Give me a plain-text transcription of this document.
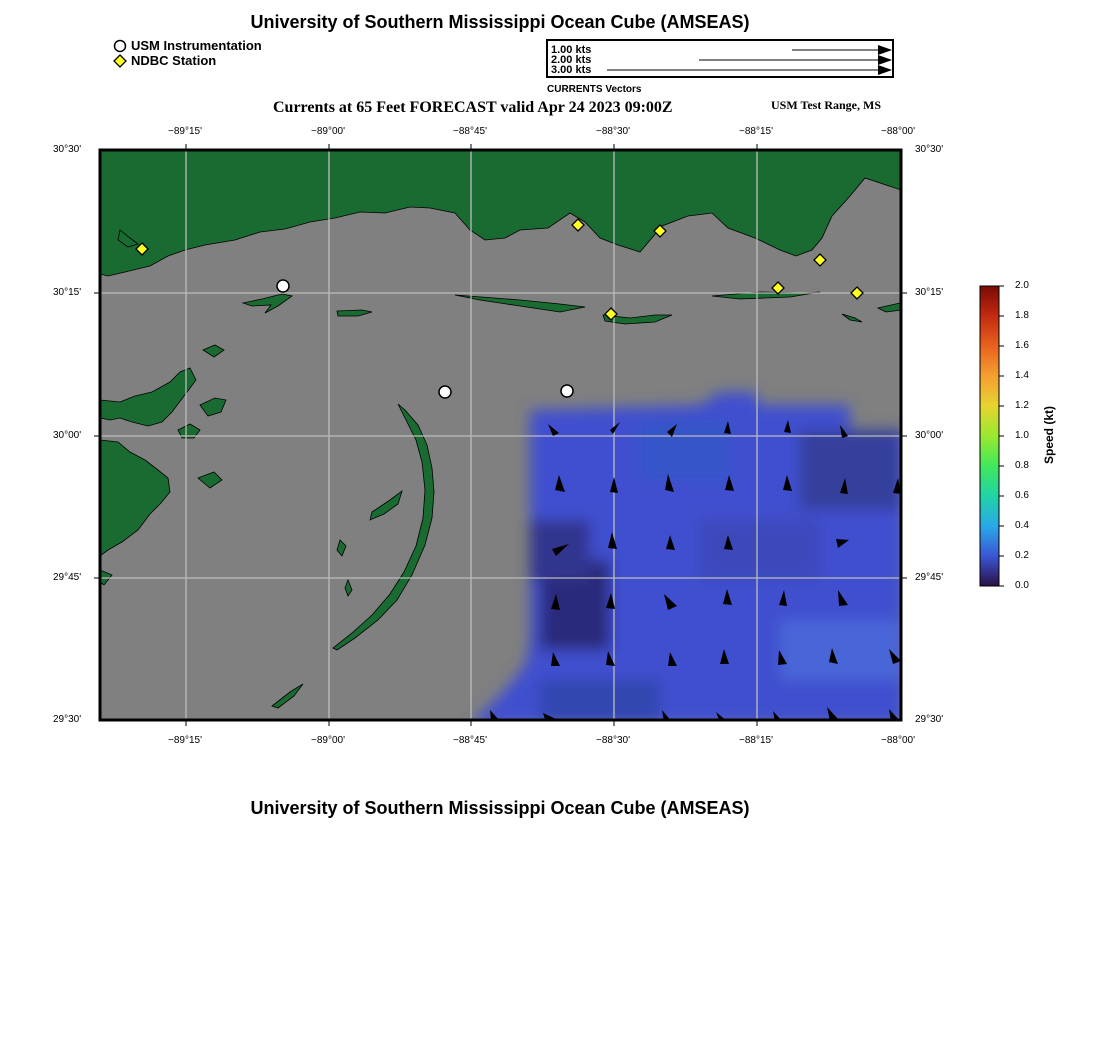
University of Southern Mississippi Ocean Cube (AMSEAS)
USM Instrumentation
NDBC Station
1.00 kts
2.00 kts
3.00 kts
CURRENTS Vectors
Currents at 65 Feet FORECAST valid Apr 24 2023 09:00Z	USM Test Range, MS
−89°15'	−89°00'	−88°45'	−88°30'	−88°15'	−88°00'
−89°15'	−89°00'	−88°45'	−88°30'	−88°15'	−88°00'
30°30'
30°15'
30°00'
29°45'
29°30'
30°30'
30°15'
30°00'
29°45'
29°30'
2.0
1.8
1.6
1.4
1.2
1.0
0.8
0.6
0.4
0.2
0.0
Speed (kt)
University of Southern Mississippi Ocean Cube (AMSEAS)
